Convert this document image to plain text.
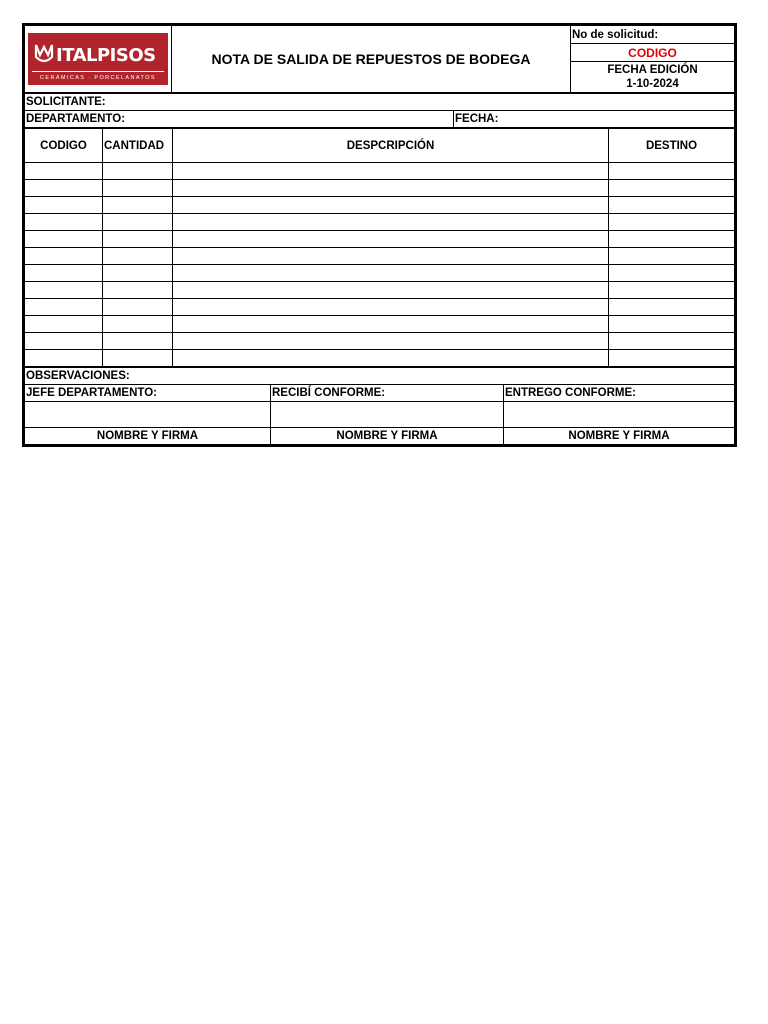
ITALPISOS
CERÁMICAS · PORCELANATOS
	NOTA DE SALIDA DE REPUESTOS DE BODEGA	No de solicitud:
CODIGO

FECHA EDICIÓN
1-10-2024
SOLICITANTE:
DEPARTAMENTO:	FECHA:
CODIGO	CANTIDAD	DESPCRIPCIÓN	DESTINO

OBSERVACIONES:		
JEFE DEPARTAMENTO:	RECIBÍ CONFORME:	ENTREGO CONFORME:

NOMBRE Y FIRMA	NOMBRE Y FIRMA	NOMBRE Y FIRMA
